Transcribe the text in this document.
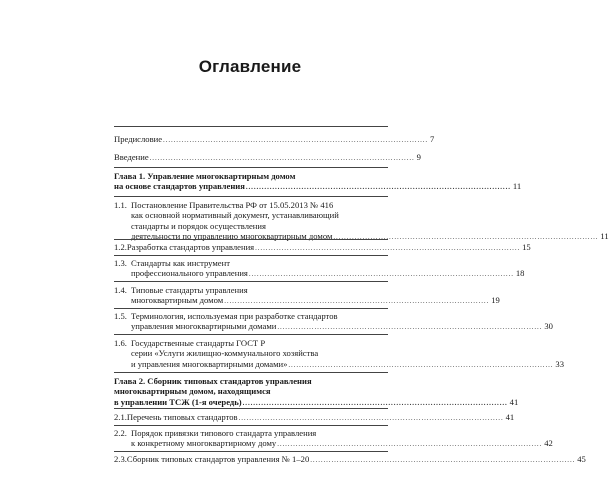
Оглавление
Предисловие .................................................................................................... 7
Введение .................................................................................................... 9
Глава 1. Управление многоквартирным домом
на основе стандартов управления .................................................................................................... 11
1.1. Постановление Правительства РФ от 15.05.2013 № 416
как основной нормативный документ, устанавливающий
стандарты и порядок осуществления
деятельности по управлению многоквартирным домом .................................................................................................... 11
1.2. Разработка стандартов управления .................................................................................................... 15
1.3. Стандарты как инструмент
профессионального управления .................................................................................................... 18
1.4. Типовые стандарты управления
многоквартирным домом .................................................................................................... 19
1.5. Терминология, используемая при разработке стандартов
управления многоквартирными домами .................................................................................................... 30
1.6. Государственные стандарты ГОСТ Р
серии «Услуги жилищно-коммунального хозяйства
и управления многоквартирными домами» .................................................................................................... 33
Глава 2. Сборник типовых стандартов управления
многоквартирным домом, находящимся
в управлении ТСЖ (1-я очередь) .................................................................................................... 41
2.1. Перечень типовых стандартов .................................................................................................... 41
2.2. Порядок привязки типового стандарта управления
к конкретному многоквартирному дому .................................................................................................... 42
2.3. Сборник типовых стандартов управления № 1–20 .................................................................................................... 45
